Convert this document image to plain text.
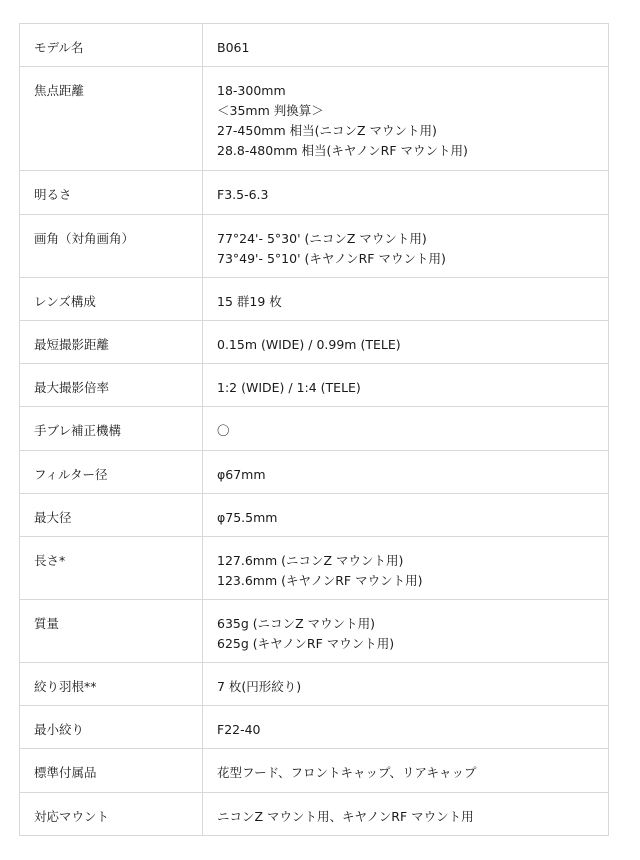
モデル名	B061

焦点距離	18-300mm
＜35mm 判換算＞
27-450mm 相当(ニコンZ マウント用)
28.8-480mm 相当(キヤノンRF マウント用)

明るさ	F3.5-6.3

画角（対角画角）	77°24'- 5°30' (ニコンZ マウント用)
73°49'- 5°10' (キヤノンRF マウント用)

レンズ構成	15 群19 枚

最短撮影距離	0.15m (WIDE) / 0.99m (TELE)

最大撮影倍率	1:2 (WIDE) / 1:4 (TELE)

手ブレ補正機構	〇

フィルター径	φ67mm

最大径	φ75.5mm

長さ*	127.6mm (ニコンZ マウント用)
123.6mm (キヤノンRF マウント用)

質量	635g (ニコンZ マウント用)
625g (キヤノンRF マウント用)

絞り羽根**	7 枚(円形絞り)

最小絞り	F22-40

標準付属品	花型フード、フロントキャップ、リアキャップ

対応マウント	ニコンZ マウント用、キヤノンRF マウント用
